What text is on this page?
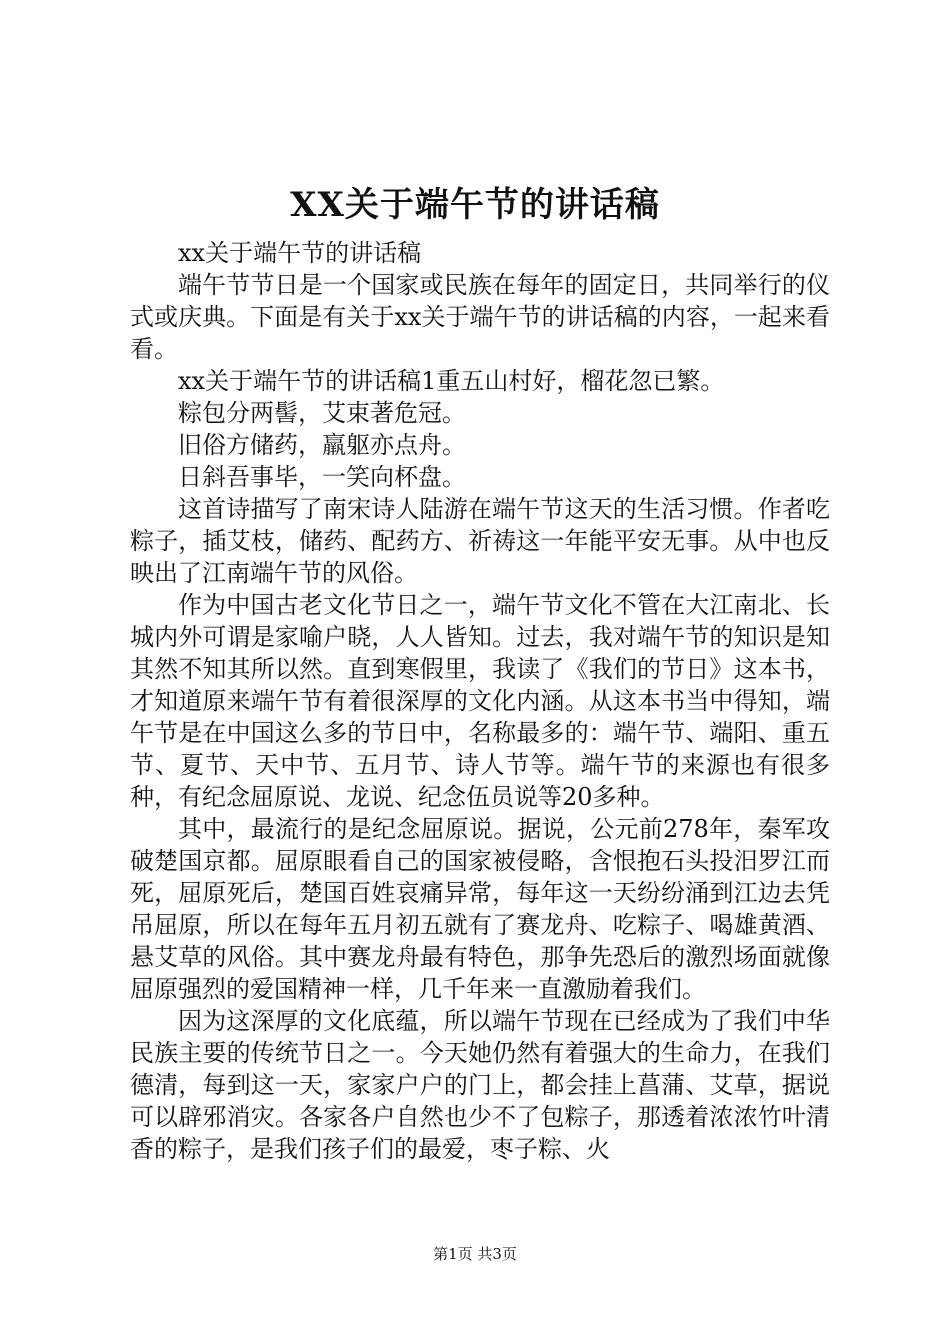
XX关于端午节的讲话稿

xx关于端午节的讲话稿

端午节节日是一个国家或民族在每年的固定日，共同举行的仪式或庆典。下面是有关于xx关于端午节的讲话稿的内容，一起来看看。

xx关于端午节的讲话稿1重五山村好，榴花忽已繁。

粽包分两髻，艾束著危冠。

旧俗方储药，羸躯亦点舟。

日斜吾事毕，一笑向杯盘。

这首诗描写了南宋诗人陆游在端午节这天的生活习惯。作者吃粽子，插艾枝，储药、配药方、祈祷这一年能平安无事。从中也反映出了江南端午节的风俗。

作为中国古老文化节日之一，端午节文化不管在大江南北、长城内外可谓是家喻户晓，人人皆知。过去，我对端午节的知识是知其然不知其所以然。直到寒假里，我读了《我们的节日》这本书，才知道原来端午节有着很深厚的文化内涵。从这本书当中得知，端午节是在中国这么多的节日中，名称最多的：端午节、端阳、重五节、夏节、天中节、五月节、诗人节等。端午节的来源也有很多种，有纪念屈原说、龙说、纪念伍员说等20多种。

其中，最流行的是纪念屈原说。据说，公元前278年，秦军攻破楚国京都。屈原眼看自己的国家被侵略，含恨抱石头投汨罗江而死，屈原死后，楚国百姓哀痛异常，每年这一天纷纷涌到江边去凭吊屈原，所以在每年五月初五就有了赛龙舟、吃粽子、喝雄黄酒、悬艾草的风俗。其中赛龙舟最有特色，那争先恐后的激烈场面就像屈原强烈的爱国精神一样，几千年来一直激励着我们。

因为这深厚的文化底蕴，所以端午节现在已经成为了我们中华民族主要的传统节日之一。今天她仍然有着强大的生命力，在我们德清，每到这一天，家家户户的门上，都会挂上菖蒲、艾草，据说可以辟邪消灾。各家各户自然也少不了包粽子，那透着浓浓竹叶清香的粽子，是我们孩子们的最爱，枣子粽、火

第1页 共3页
